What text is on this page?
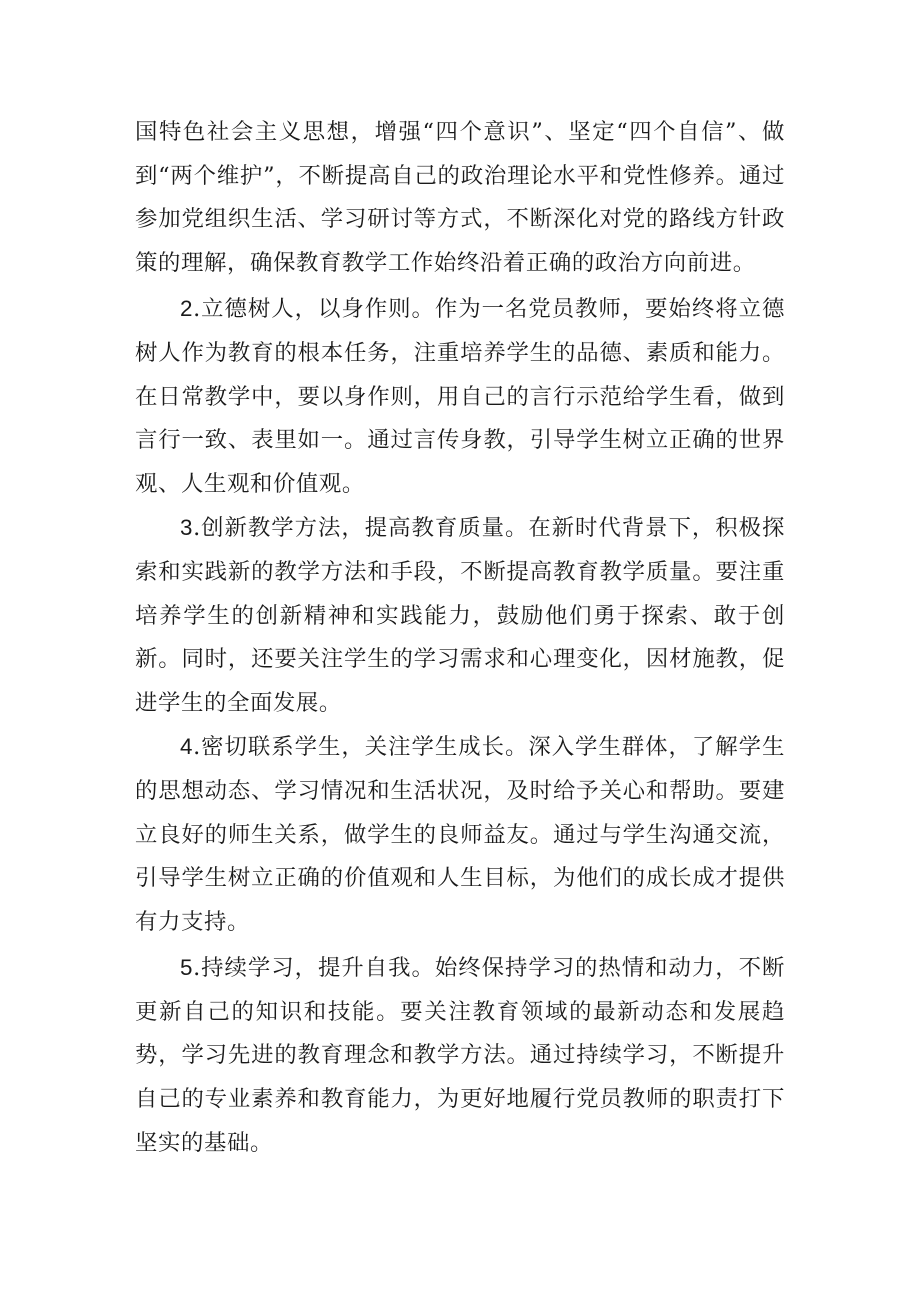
国特色社会主义思想，增强“四个意识”、坚定“四个自信”、做到“两个维护”，不断提高自己的政治理论水平和党性修养。通过参加党组织生活、学习研讨等方式，不断深化对党的路线方针政策的理解，确保教育教学工作始终沿着正确的政治方向前进。

2.立德树人，以身作则。作为一名党员教师，要始终将立德树人作为教育的根本任务，注重培养学生的品德、素质和能力。在日常教学中，要以身作则，用自己的言行示范给学生看，做到言行一致、表里如一。通过言传身教，引导学生树立正确的世界观、人生观和价值观。

3.创新教学方法，提高教育质量。在新时代背景下，积极探索和实践新的教学方法和手段，不断提高教育教学质量。要注重培养学生的创新精神和实践能力，鼓励他们勇于探索、敢于创新。同时，还要关注学生的学习需求和心理变化，因材施教，促进学生的全面发展。

4.密切联系学生，关注学生成长。深入学生群体，了解学生的思想动态、学习情况和生活状况，及时给予关心和帮助。要建立良好的师生关系，做学生的良师益友。通过与学生沟通交流，引导学生树立正确的价值观和人生目标，为他们的成长成才提供有力支持。

5.持续学习，提升自我。始终保持学习的热情和动力，不断更新自己的知识和技能。要关注教育领域的最新动态和发展趋势，学习先进的教育理念和教学方法。通过持续学习，不断提升自己的专业素养和教育能力，为更好地履行党员教师的职责打下坚实的基础。
